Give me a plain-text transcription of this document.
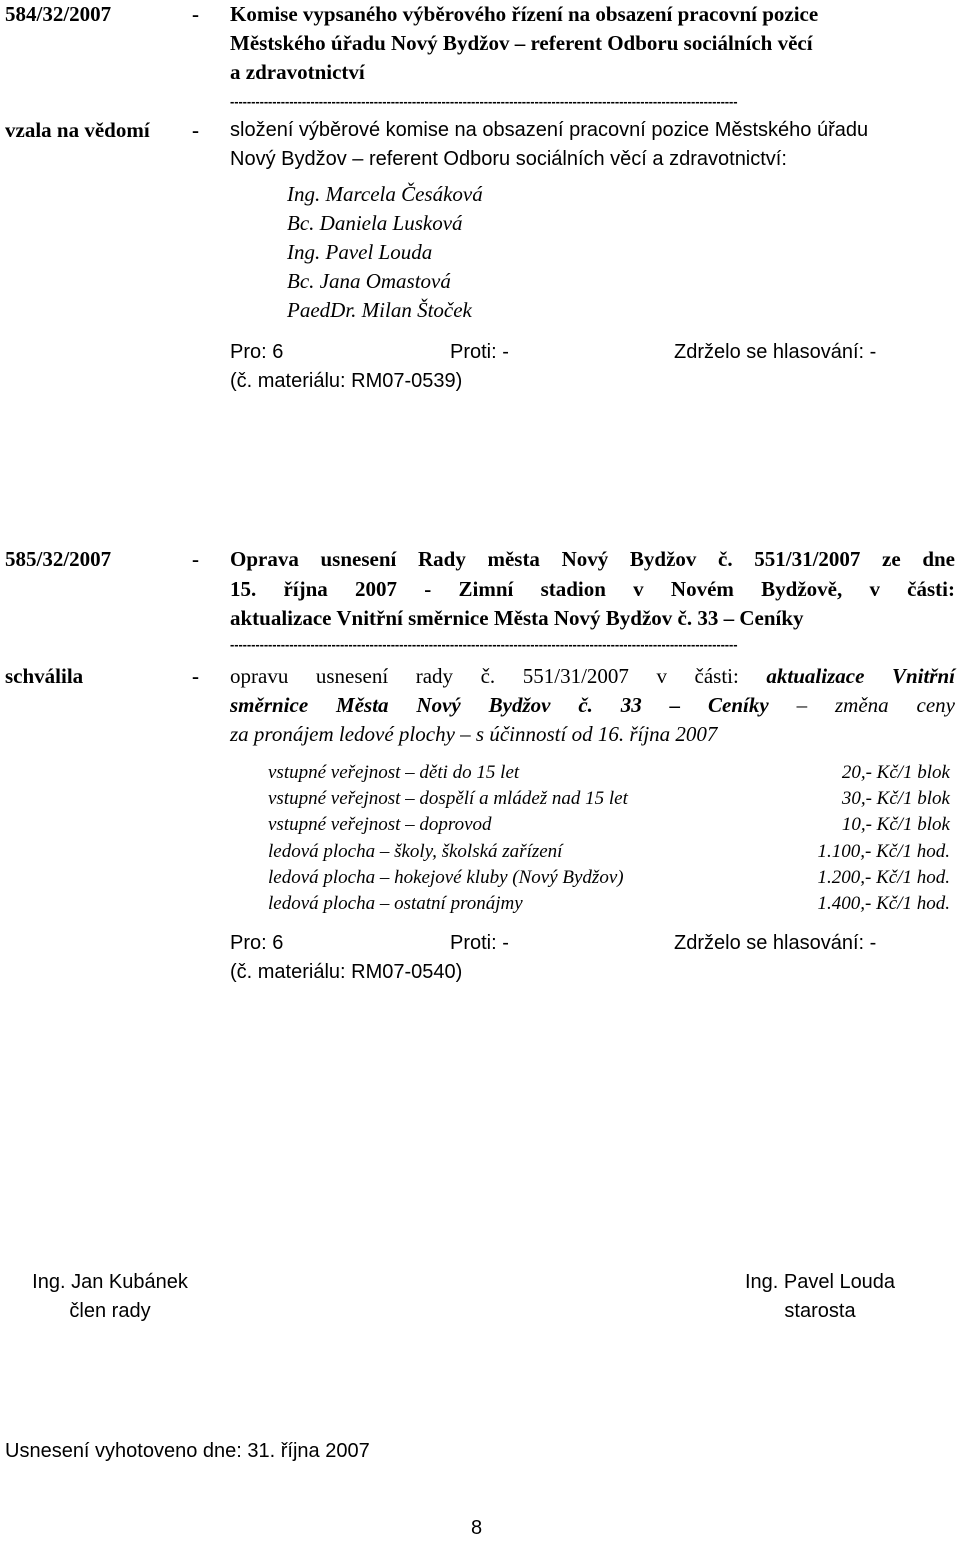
584/32/2007	- Komise vypsaného výběrového řízení na obsazení pracovní pozice
Městského úřadu Nový Bydžov – referent Odboru sociálních věcí
a zdravotnictví
------------------------------------------------------------------------------------------------------------------------
vzala na vědomí - složení výběrové komise na obsazení pracovní pozice Městského úřadu
Nový Bydžov – referent Odboru sociálních věcí a zdravotnictví:
Ing. Marcela Česáková
Bc. Daniela Lusková
Ing. Pavel Louda
Bc. Jana Omastová
PaedDr. Milan Štoček
Pro: 6	Proti: -	Zdrželo se hlasování: -
(č. materiálu: RM07-0539)
585/32/2007	- Oprava usnesení Rady města Nový Bydžov č. 551/31/2007 ze dne
15. října 2007 - Zimní stadion v Novém Bydžově, v části:
aktualizace Vnitřní směrnice Města Nový Bydžov č. 33 – Ceníky
------------------------------------------------------------------------------------------------------------------------
schválila	- opravu usnesení rady č. 551/31/2007 v části: aktualizace Vnitřní
směrnice Města Nový Bydžov č. 33 – Ceníky – změna ceny
za pronájem ledové plochy – s účinností od 16. října 2007
vstupné veřejnost – děti do 15 let	20,- Kč/1 blok
vstupné veřejnost – dospělí a mládež nad 15 let	30,- Kč/1 blok
vstupné veřejnost – doprovod	10,- Kč/1 blok
ledová plocha – školy, školská zařízení	1.100,- Kč/1 hod.
ledová plocha – hokejové kluby (Nový Bydžov)	1.200,- Kč/1 hod.
ledová plocha – ostatní pronájmy	1.400,- Kč/1 hod.
Pro: 6	Proti: -	Zdrželo se hlasování: -
(č. materiálu: RM07-0540)
Ing. Jan Kubánek
člen rady
Ing. Pavel Louda
starosta
Usnesení vyhotoveno dne: 31. října 2007
8
